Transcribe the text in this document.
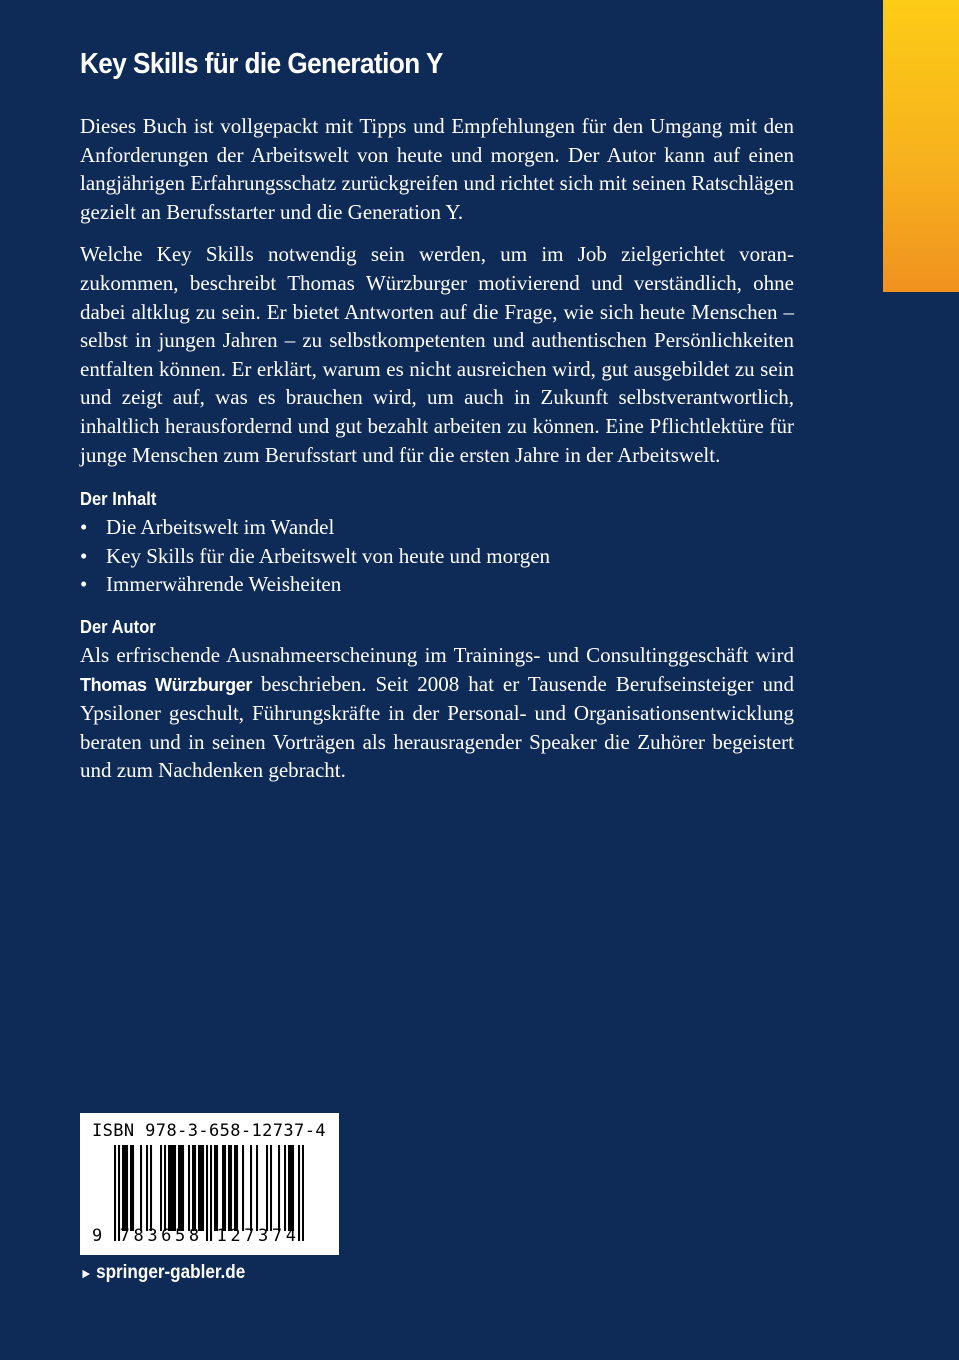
Key Skills für die Generation Y

Dieses Buch ist vollgepackt mit Tipps und Empfehlungen für den Umgang mit den Anforderungen der Arbeitswelt von heute und morgen. Der Autor kann auf einen langjährigen Erfahrungsschatz zurückgreifen und richtet sich mit seinen Ratschlägen gezielt an Berufsstarter und die Generation Y.

Welche Key Skills notwendig sein werden, um im Job zielgerichtet voranzukommen, beschreibt Thomas Würzburger motivierend und verständlich, ohne dabei altklug zu sein. Er bietet Antworten auf die Frage, wie sich heute Menschen – selbst in jungen Jahren – zu selbstkompetenten und authentischen Persönlichkeiten entfalten können. Er erklärt, warum es nicht ausreichen wird, gut ausgebildet zu sein und zeigt auf, was es brauchen wird, um auch in Zukunft selbstverantwortlich, inhaltlich herausfordernd und gut bezahlt arbeiten zu können. Eine Pflichtlektüre für junge Menschen zum Berufsstart und für die ersten Jahre in der Arbeitswelt.

Der Inhalt
• Die Arbeitswelt im Wandel
• Key Skills für die Arbeitswelt von heute und morgen
• Immerwährende Weisheiten
Der Autor

Als erfrischende Ausnahmeerscheinung im Trainings- und Consultinggeschäft wird Thomas Würzburger beschrieben. Seit 2008 hat er Tausende Berufseinsteiger und Ypsiloner geschult, Führungskräfte in der Personal- und Organisationsentwicklung beraten und in seinen Vorträgen als herausragender Speaker die Zuhörer begeistert und zum Nachdenken gebracht.

ISBN 978-3-658-12737-4
9 783658 127374
► springer-gabler.de
